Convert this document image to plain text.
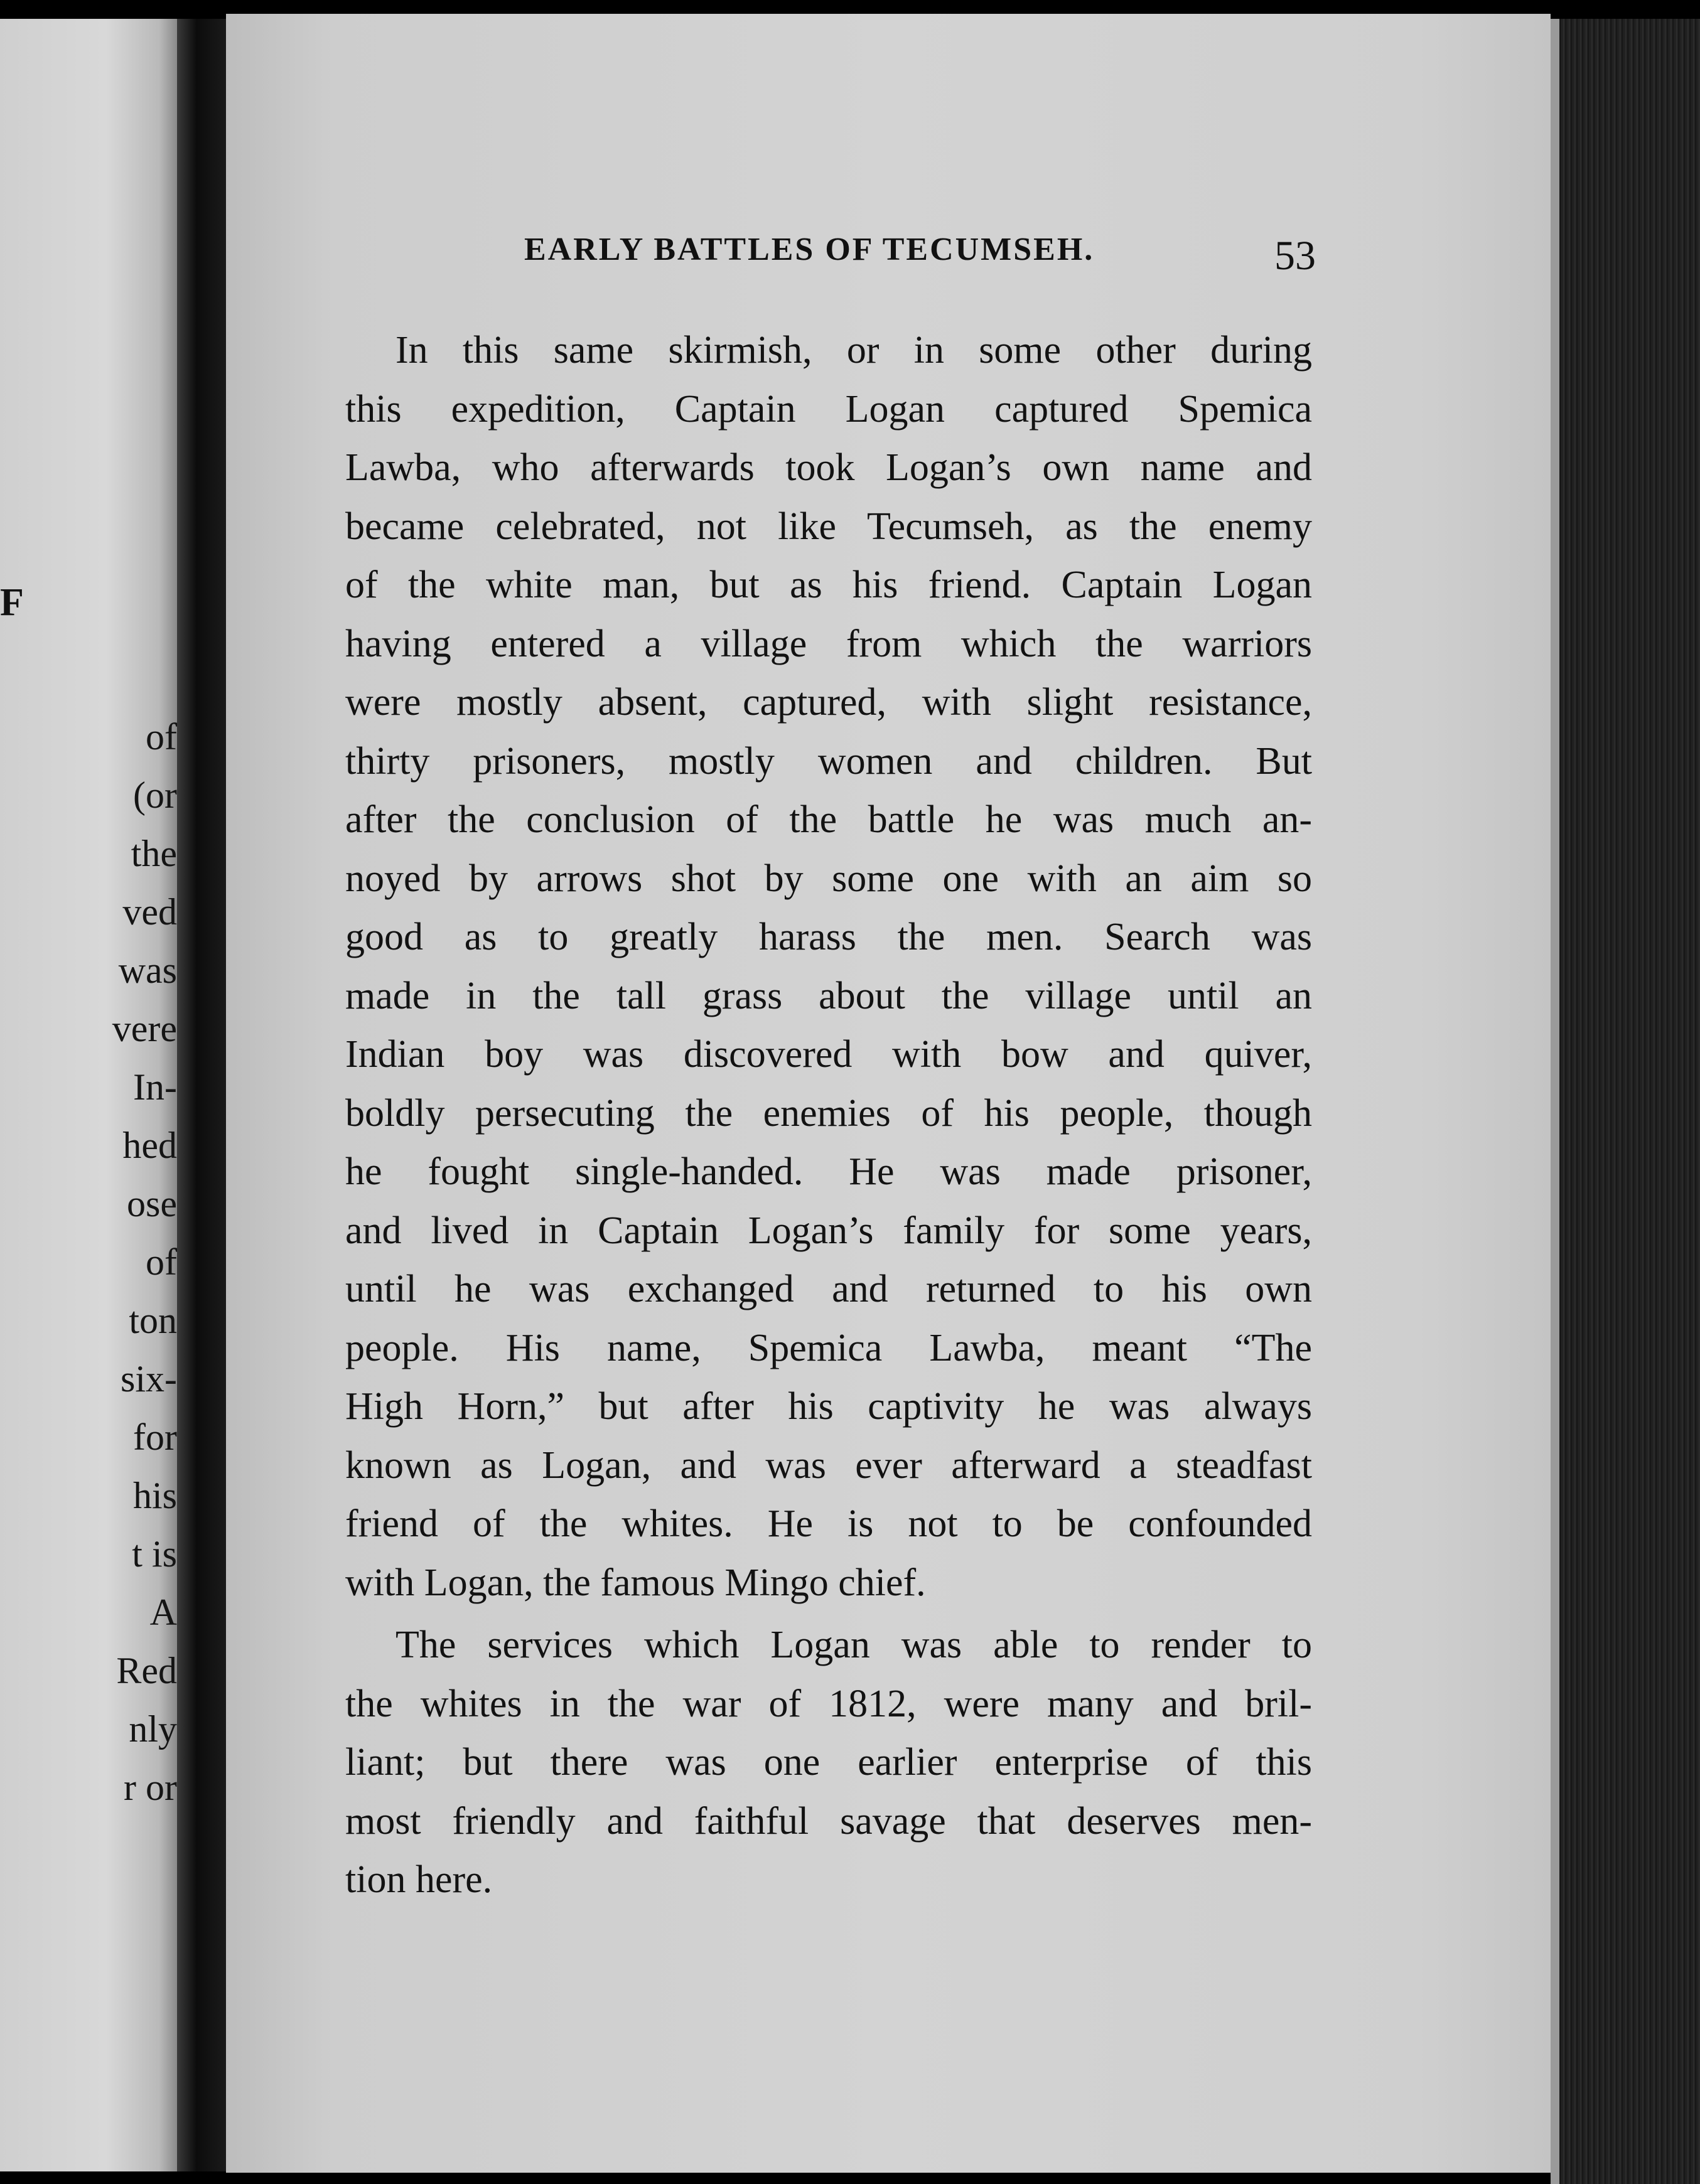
F
of
(or
the
ved
was
vere
In-
hed
ose
of
ton
six-
for
his
t is
A
Red
nly
r or
EARLY BATTLES OF TECUMSEH.	53
In this same skirmish, or in some other during
this expedition, Captain Logan captured Spemica
Lawba, who afterwards took Logan’s own name and
became celebrated, not like Tecumseh, as the enemy
of the white man, but as his friend. Captain Logan
having entered a village from which the warriors
were mostly absent, captured, with slight resistance,
thirty prisoners, mostly women and children. But
after the conclusion of the battle he was much an-
noyed by arrows shot by some one with an aim so
good as to greatly harass the men. Search was
made in the tall grass about the village until an
Indian boy was discovered with bow and quiver,
boldly persecuting the enemies of his people, though
he fought single-handed. He was made prisoner,
and lived in Captain Logan’s family for some years,
until he was exchanged and returned to his own
people. His name, Spemica Lawba, meant “The
High Horn,” but after his captivity he was always
known as Logan, and was ever afterward a steadfast
friend of the whites. He is not to be confounded
with Logan, the famous Mingo chief.
The services which Logan was able to render to
the whites in the war of 1812, were many and bril-
liant; but there was one earlier enterprise of this
most friendly and faithful savage that deserves men-
tion here.
